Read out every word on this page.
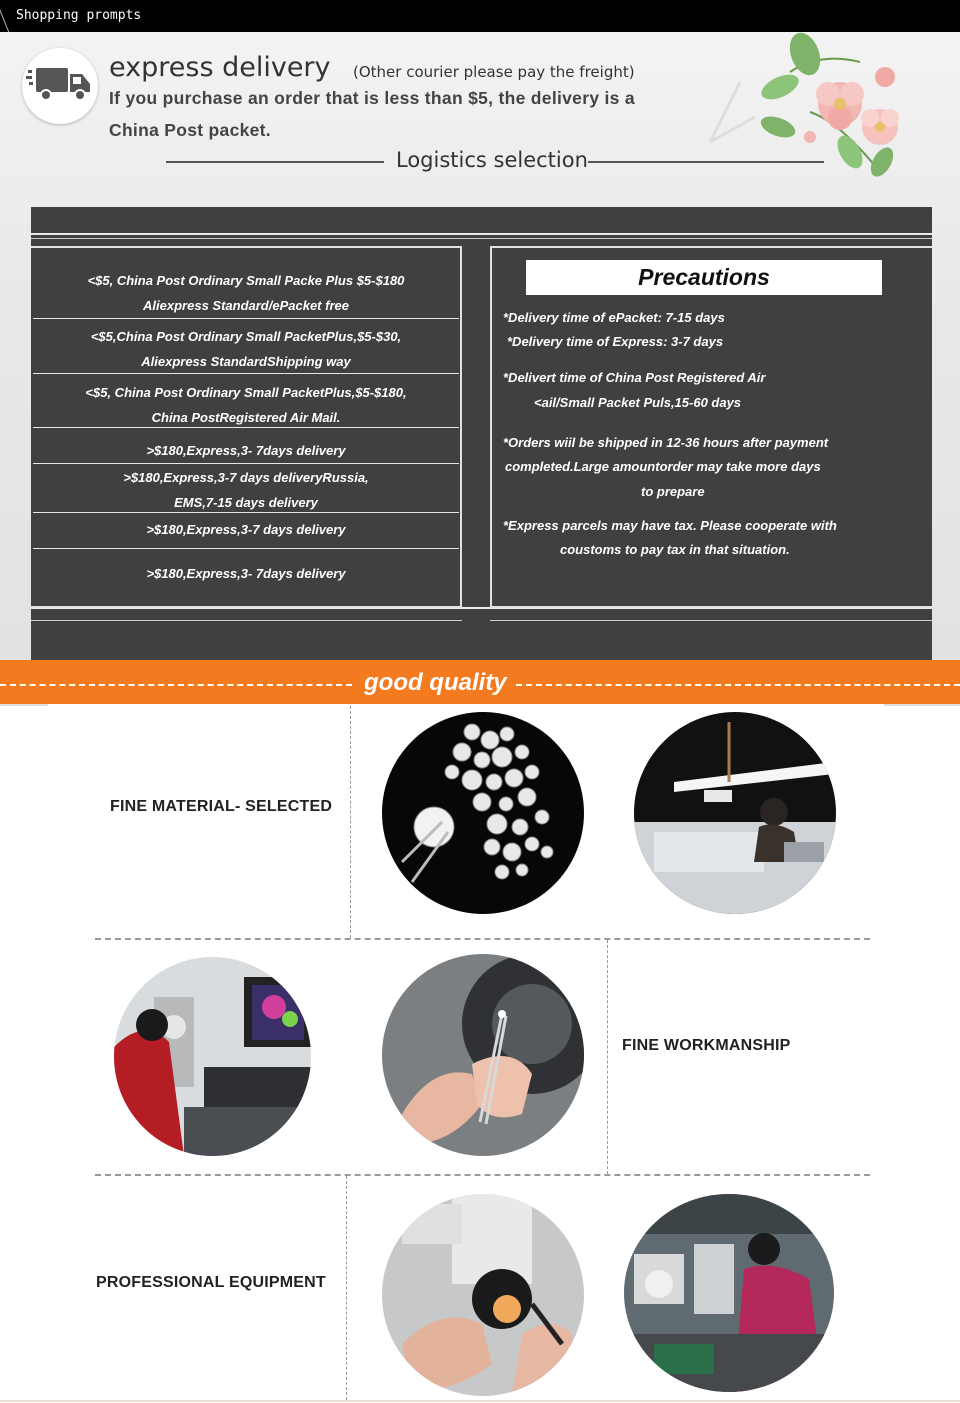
Shopping prompts
express delivery (Other courier please pay the freight)
If you purchase an order that is less than $5, the delivery is a
China Post packet.
Logistics selection
<$5, China Post Ordinary Small Packe Plus $5-$180
Aliexpress Standard/ePacket free
<$5,China Post Ordinary Small PacketPlus,$5-$30,
Aliexpress StandardShipping way
<$5, China Post Ordinary Small PacketPlus,$5-$180,
China PostRegistered Air Mail.
>$180,Express,3- 7days delivery
>$180,Express,3-7 days deliveryRussia,
EMS,7-15 days delivery
>$180,Express,3-7 days delivery
>$180,Express,3- 7days delivery
Precautions
*Delivery time of ePacket: 7-15 days
*Delivery time of Express: 3-7 days
*Delivert time of China Post Registered Air
<ail/Small Packet Puls,15-60 days
*Orders wiil be shipped in 12-36 hours after payment
completed.Large amountorder may take more days
to prepare
*Express parcels may have tax. Please cooperate with
coustoms to pay tax in that situation.
good quality
FINE MATERIAL- SELECTED
FINE WORKMANSHIP
PROFESSIONAL EQUIPMENT
